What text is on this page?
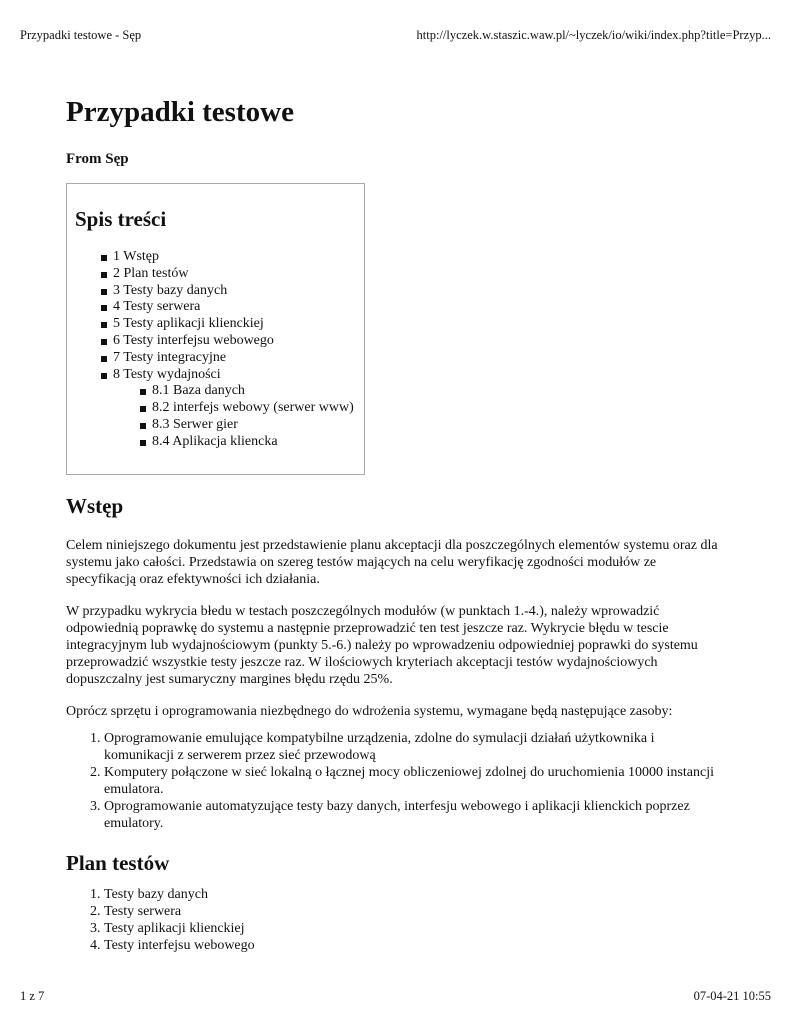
Przypadki testowe - Sęp	http://lyczek.w.staszic.waw.pl/~lyczek/io/wiki/index.php?title=Przyp...
Przypadki testowe
From Sęp
Spis treści
1 Wstęp
2 Plan testów
3 Testy bazy danych
4 Testy serwera
5 Testy aplikacji klienckiej
6 Testy interfejsu webowego
7 Testy integracyjne
8 Testy wydajności
8.1 Baza danych
8.2 interfejs webowy (serwer www)
8.3 Serwer gier
8.4 Aplikacja kliencka
Wstęp

Celem niniejszego dokumentu jest przedstawienie planu akceptacji dla poszczególnych elementów systemu oraz dla systemu jako całości. Przedstawia on szereg testów mających na celu weryfikację zgodności modułów ze specyfikacją oraz efektywności ich działania.

W przypadku wykrycia błedu w testach poszczególnych modułów (w punktach 1.-4.), należy wprowadzić odpowiednią poprawkę do systemu a następnie przeprowadzić ten test jeszcze raz. Wykrycie błędu w tescie integracyjnym lub wydajnościowym (punkty 5.-6.) należy po wprowadzeniu odpowiedniej poprawki do systemu przeprowadzić wszystkie testy jeszcze raz. W ilościowych kryteriach akceptacji testów wydajnościowych dopuszczalny jest sumaryczny margines błędu rzędu 25%.

Oprócz sprzętu i oprogramowania niezbędnego do wdrożenia systemu, wymagane będą następujące zasoby:

1. Oprogramowanie emulujące kompatybilne urządzenia, zdolne do symulacji działań użytkownika i komunikacji z serwerem przez sieć przewodową
2. Komputery połączone w sieć lokalną o łącznej mocy obliczeniowej zdolnej do uruchomienia 10000 instancji emulatora.
3. Oprogramowanie automatyzujące testy bazy danych, interfesju webowego i aplikacji klienckich poprzez emulatory.
Plan testów
1. Testy bazy danych
2. Testy serwera
3. Testy aplikacji klienckiej
4. Testy interfejsu webowego
1 z 7	07-04-21 10:55
